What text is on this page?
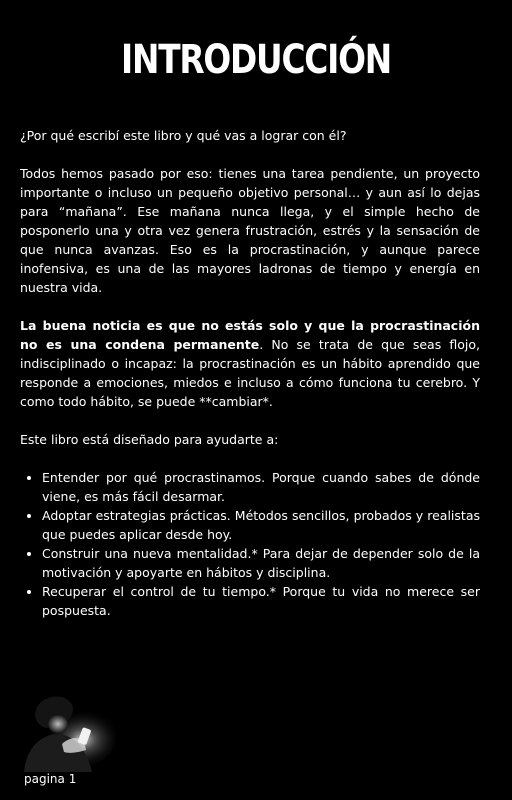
INTRODUCCIÓN

¿Por qué escribí este libro y qué vas a lograr con él?

Todos hemos pasado por eso: tienes una tarea pendiente, un proyecto importante o incluso un pequeño objetivo personal… y aun así lo dejas para “mañana”. Ese mañana nunca llega, y el simple hecho de posponerlo una y otra vez genera frustración, estrés y la sensación de que nunca avanzas. Eso es la procrastinación, y aunque parece inofensiva, es una de las mayores ladronas de tiempo y energía en nuestra vida.

La buena noticia es que no estás solo y que la procrastinación no es una condena permanente. No se trata de que seas flojo, indisciplinado o incapaz: la procrastinación es un hábito aprendido que responde a emociones, miedos e incluso a cómo funciona tu cerebro. Y como todo hábito, se puede **cambiar*.

Este libro está diseñado para ayudarte a:

• Entender por qué procrastinamos. Porque cuando sabes de dónde viene, es más fácil desarmar.
• Adoptar estrategias prácticas. Métodos sencillos, probados y realistas que puedes aplicar desde hoy.
• Construir una nueva mentalidad.* Para dejar de depender solo de la motivación y apoyarte en hábitos y disciplina.
• Recuperar el control de tu tiempo.* Porque tu vida no merece ser pospuesta.
pagina 1
